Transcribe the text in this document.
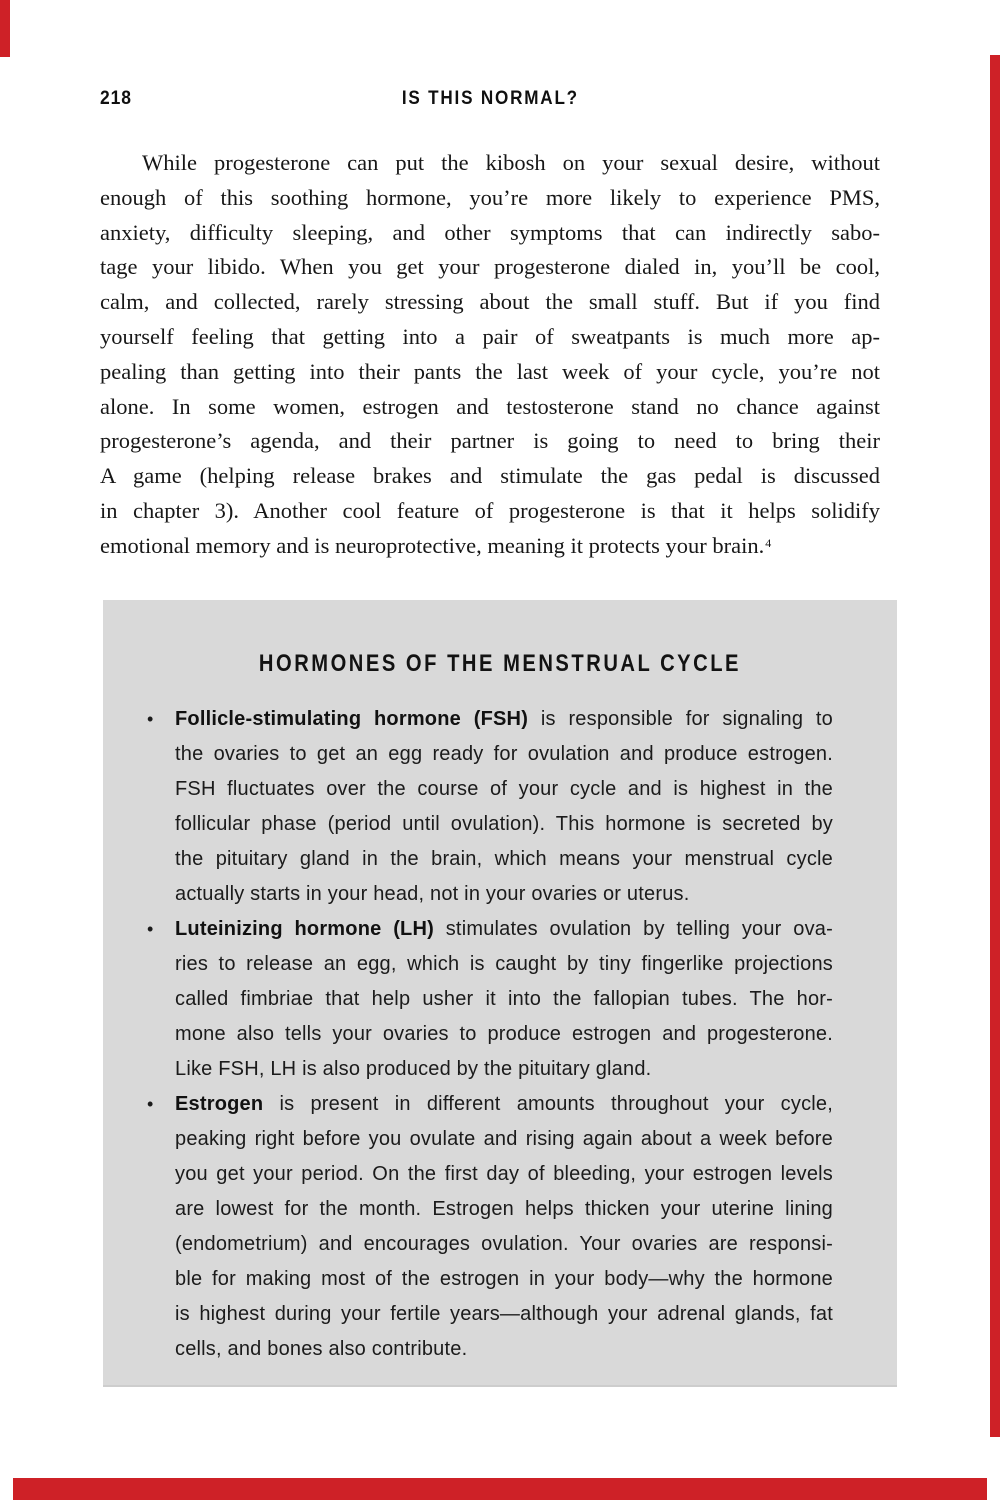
218	IS THIS NORMAL?
While progesterone can put the kibosh on your sexual desire, without
enough of this soothing hormone, you’re more likely to experience PMS,
anxiety, difficulty sleeping, and other symptoms that can indirectly sabo-
tage your libido. When you get your progesterone dialed in, you’ll be cool,
calm, and collected, rarely stressing about the small stuff. But if you find
yourself feeling that getting into a pair of sweatpants is much more ap-
pealing than getting into their pants the last week of your cycle, you’re not
alone. In some women, estrogen and testosterone stand no chance against
progesterone’s agenda, and their partner is going to need to bring their
A game (helping release brakes and stimulate the gas pedal is discussed
in chapter 3). Another cool feature of progesterone is that it helps solidify
emotional memory and is neuroprotective, meaning it protects your brain.$^4$
HORMONES OF THE MENSTRUAL CYCLE
• Follicle-stimulating hormone (FSH) is responsible for signaling to
the ovaries to get an egg ready for ovulation and produce estrogen.
FSH fluctuates over the course of your cycle and is highest in the
follicular phase (period until ovulation). This hormone is secreted by
the pituitary gland in the brain, which means your menstrual cycle
actually starts in your head, not in your ovaries or uterus.
• Luteinizing hormone (LH) stimulates ovulation by telling your ova-
ries to release an egg, which is caught by tiny fingerlike projections
called fimbriae that help usher it into the fallopian tubes. The hor-
mone also tells your ovaries to produce estrogen and progesterone.
Like FSH, LH is also produced by the pituitary gland.
• Estrogen is present in different amounts throughout your cycle,
peaking right before you ovulate and rising again about a week before
you get your period. On the first day of bleeding, your estrogen levels
are lowest for the month. Estrogen helps thicken your uterine lining
(endometrium) and encourages ovulation. Your ovaries are responsi-
ble for making most of the estrogen in your body—why the hormone
is highest during your fertile years—although your adrenal glands, fat
cells, and bones also contribute.
